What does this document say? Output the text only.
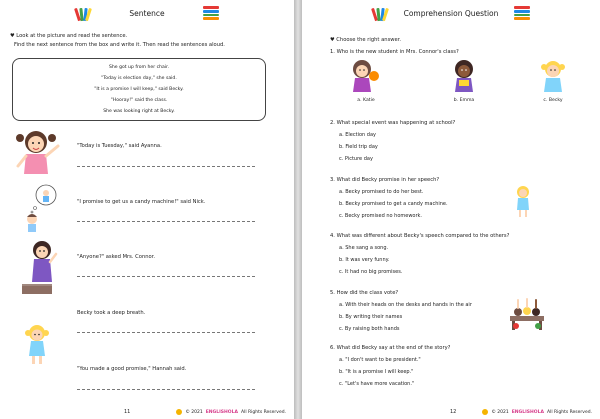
Sentence
♥ Look at the picture and read the sentence.
Find the next sentence from the box and write it. Then read the sentences aloud.
She got up from her chair.
"Today is election day," she said.
"It is a promise I will keep," said Becky.
"Hooray!" said the class.
She was looking right at Becky.
"Today is Tuesday," said Ayanna.
"I promise to get us a candy machine!" said Nick.
"Anyone?" asked Mrs. Connor.
Becky took a deep breath.
"You made a good promise," Hannah said.
11	© 2021 ENGLISHOLA All Rights Reserved.
Comprehension Question
♥ Choose the right answer.
1. Who is the new student in Mrs. Connor's class?
a. Katie	b. Emma	c. Becky
2. What special event was happening at school?
a. Election day
b. Field trip day
c. Picture day
3. What did Becky promise in her speech?
a. Becky promised to do her best.
b. Becky promised to get a candy machine.
c. Becky promised no homework.
4. What was different about Becky's speech compared to the others?
a. She sang a song.
b. It was very funny.
c. It had no big promises.
5. How did the class vote?
a. With their heads on the desks and hands in the air
b. By writing their names
c. By raising both hands
6. What did Becky say at the end of the story?
a. "I don't want to be president."
b. "It is a promise I will keep."
c. "Let's have more vacation."
12	© 2021 ENGLISHOLA All Rights Reserved.
